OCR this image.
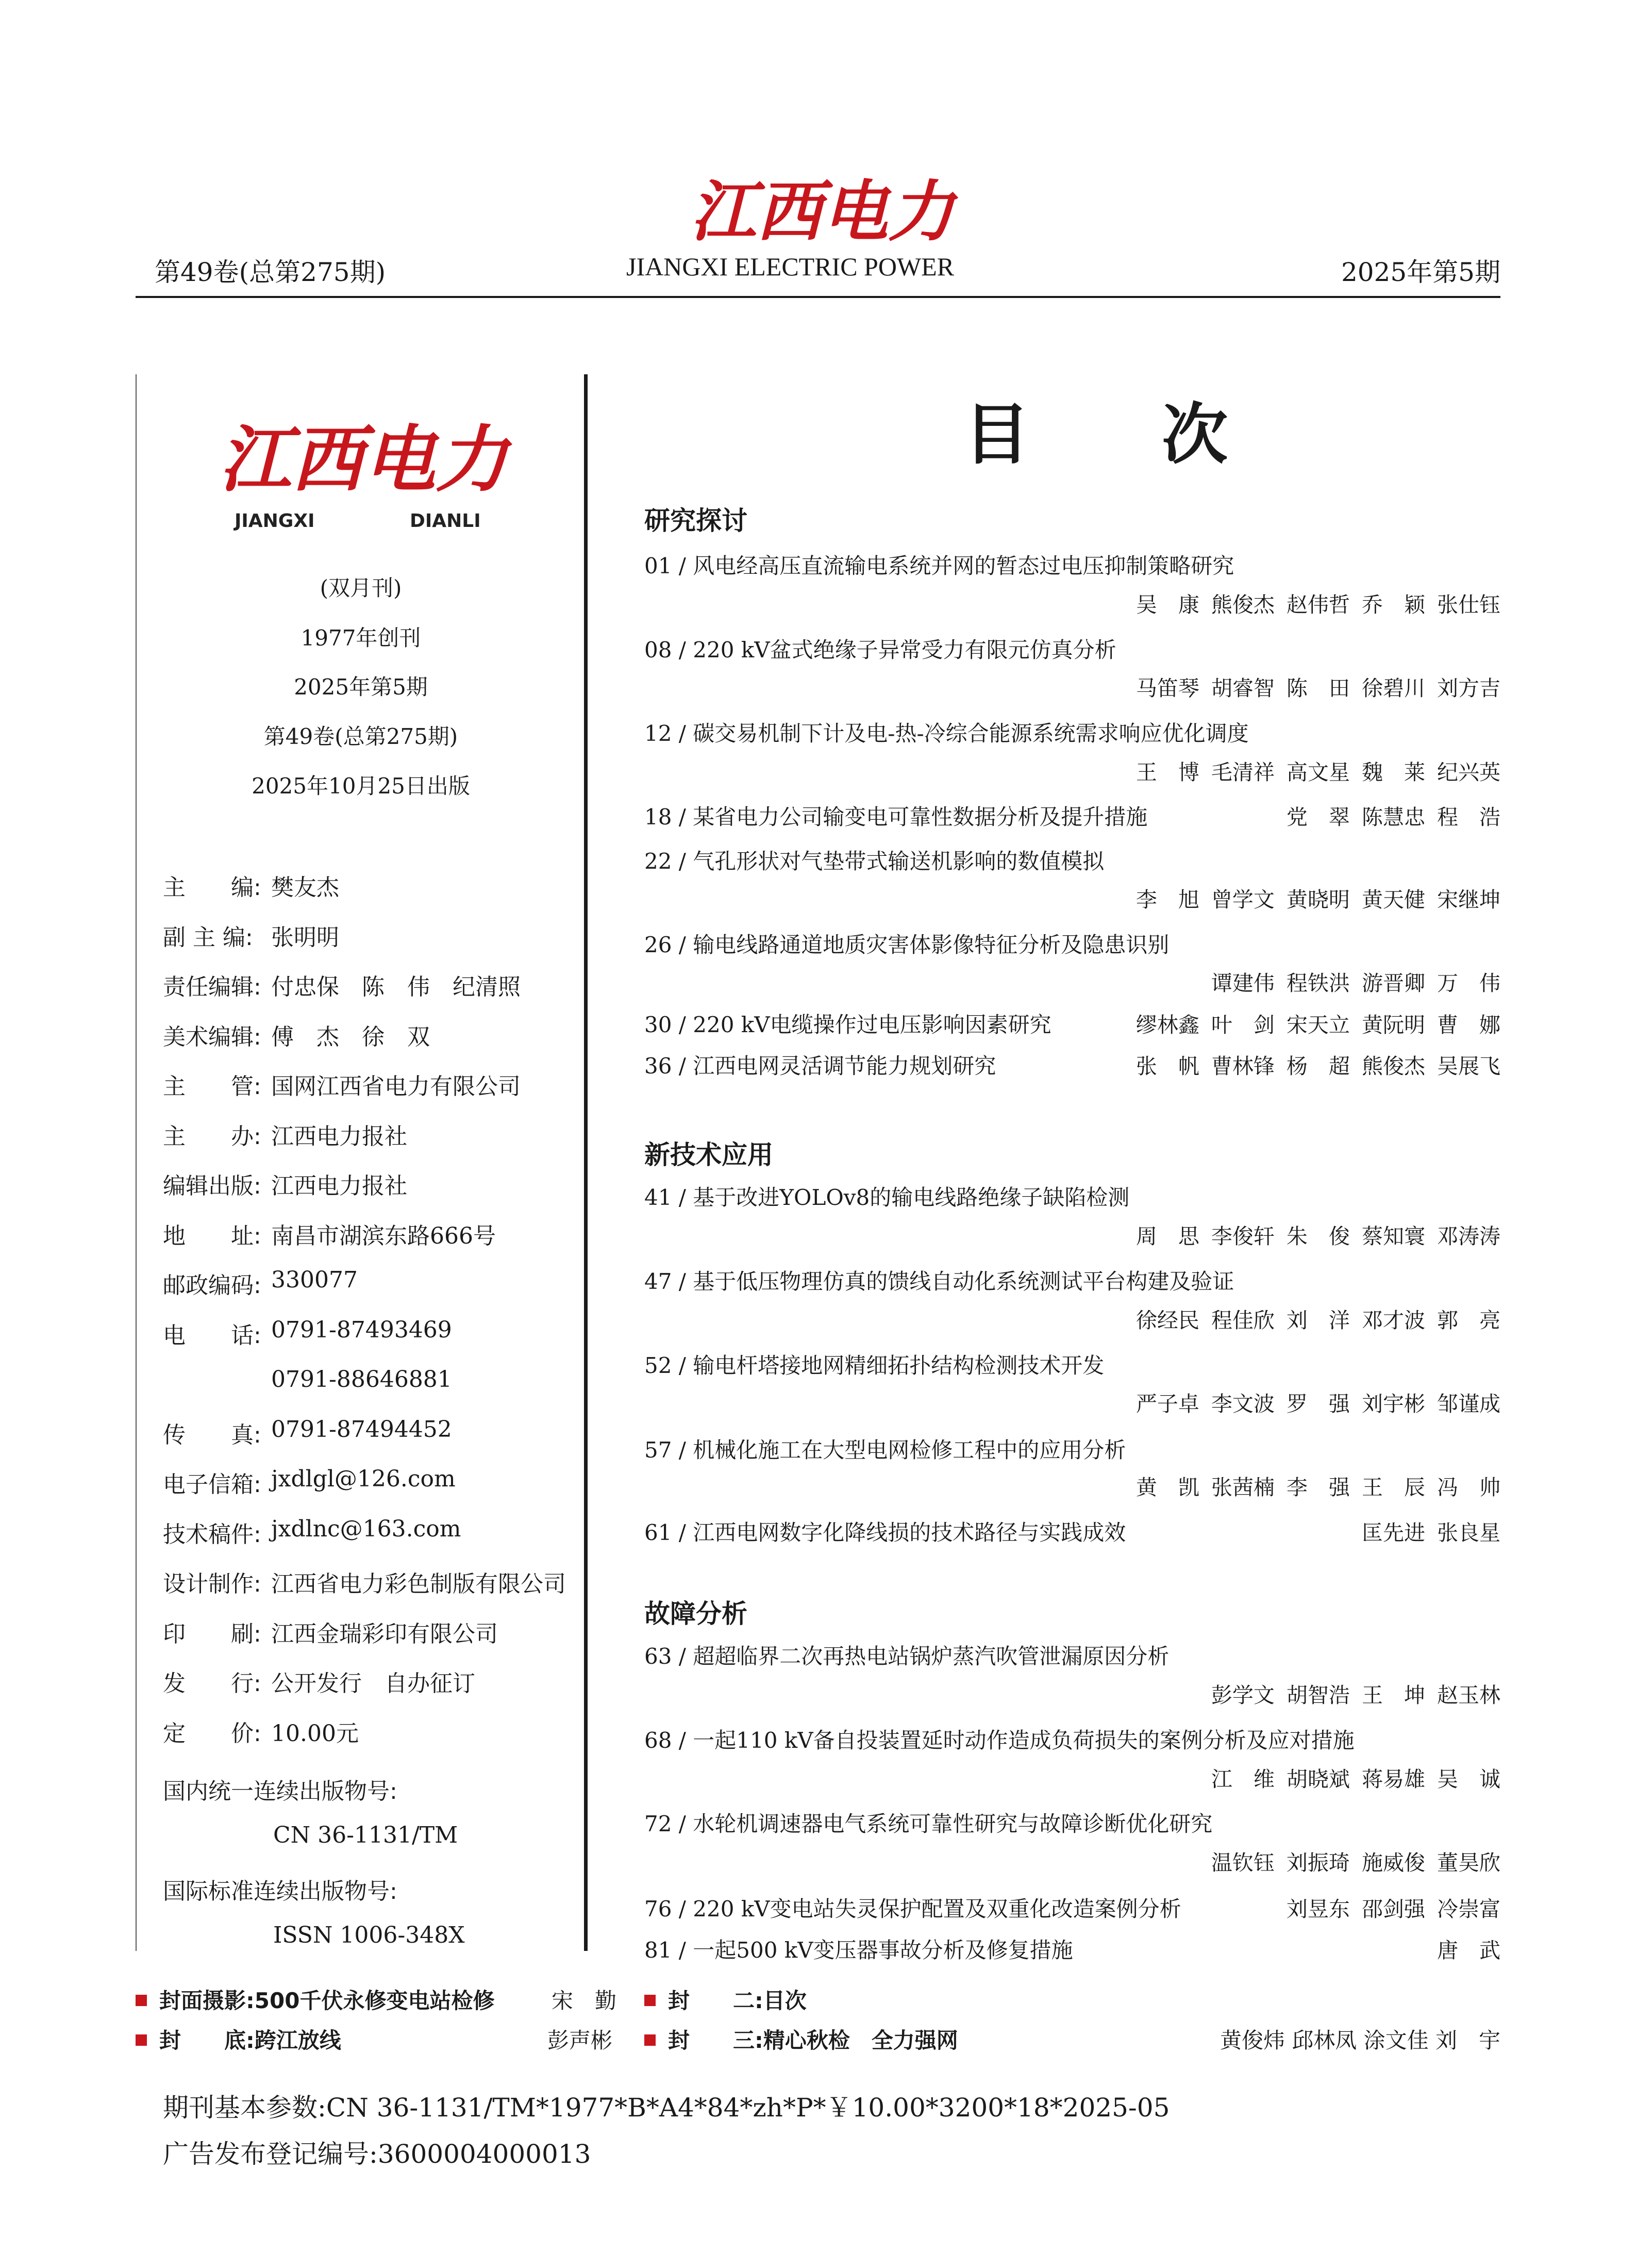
江西电力
第49卷(总第275期)	JIANGXI ELECTRIC POWER	2025年第5期
江西电力
JIANGXI	DIANLI
(双月刊)
1977年创刊
2025年第5期
第49卷(总第275期)
2025年10月25日出版
主　　编: 樊友杰
副 主 编: 张明明
责任编辑: 付忠保　陈　伟　纪清照
美术编辑: 傅　杰　徐　双
主　　管: 国网江西省电力有限公司
主　　办: 江西电力报社
编辑出版: 江西电力报社
地　　址: 南昌市湖滨东路666号
邮政编码: 330077
电　　话: 0791-87493469
0791-88646881
传　　真: 0791-87494452
电子信箱: jxdlgl@126.com
技术稿件: jxdlnc@163.com
设计制作: 江西省电力彩色制版有限公司
印　　刷: 江西金瑞彩印有限公司
发　　行: 公开发行　自办征订
定　　价: 10.00元
国内统一连续出版物号:
CN 36-1131/TM
国际标准连续出版物号:
ISSN 1006-348X
目　　次
研究探讨
01 / 风电经高压直流输电系统并网的暂态过电压抑制策略研究
吴　康 熊俊杰 赵伟哲 乔　颖 张仕钰
08 / 220 kV盆式绝缘子异常受力有限元仿真分析
马笛琴 胡睿智 陈　田 徐碧川 刘方吉
12 / 碳交易机制下计及电-热-冷综合能源系统需求响应优化调度
王　博 毛清祥 高文星 魏　莱 纪兴英
18 / 某省电力公司输变电可靠性数据分析及提升措施	党　翠 陈慧忠 程　浩
22 / 气孔形状对气垫带式输送机影响的数值模拟
李　旭 曾学文 黄晓明 黄天健 宋继坤
26 / 输电线路通道地质灾害体影像特征分析及隐患识别
谭建伟 程铁洪 游晋卿 万　伟
30 / 220 kV电缆操作过电压影响因素研究	缪林鑫 叶　剑 宋天立 黄阮明 曹　娜
36 / 江西电网灵活调节能力规划研究	张　帆 曹林锋 杨　超 熊俊杰 吴展飞
新技术应用
41 / 基于改进YOLOv8的输电线路绝缘子缺陷检测
周　思 李俊轩 朱　俊 蔡知寰 邓涛涛
47 / 基于低压物理仿真的馈线自动化系统测试平台构建及验证
徐经民 程佳欣 刘　洋 邓才波 郭　亮
52 / 输电杆塔接地网精细拓扑结构检测技术开发
严子卓 李文波 罗　强 刘宇彬 邹谨成
57 / 机械化施工在大型电网检修工程中的应用分析
黄　凯 张茜楠 李　强 王　辰 冯　帅
61 / 江西电网数字化降线损的技术路径与实践成效	匡先进 张良星
故障分析
63 / 超超临界二次再热电站锅炉蒸汽吹管泄漏原因分析
彭学文 胡智浩 王　坤 赵玉林
68 / 一起110 kV备自投装置延时动作造成负荷损失的案例分析及应对措施
江　维 胡晓斌 蒋易雄 吴　诚
72 / 水轮机调速器电气系统可靠性研究与故障诊断优化研究
温钦钰 刘振琦 施威俊 董昊欣
76 / 220 kV变电站失灵保护配置及双重化改造案例分析	刘昱东 邵剑强 冷崇富
81 / 一起500 kV变压器事故分析及修复措施	唐　武
封面摄影:500千伏永修变电站检修	宋　勤
封　　底:跨江放线	彭声彬
封　　二:目次
封　　三:精心秋检　全力强网	黄俊炜 邱林凤 涂文佳 刘　宇
期刊基本参数:CN 36-1131/TM*1977*B*A4*84*zh*P*￥10.00*3200*18*2025-05
广告发布登记编号:3600004000013
